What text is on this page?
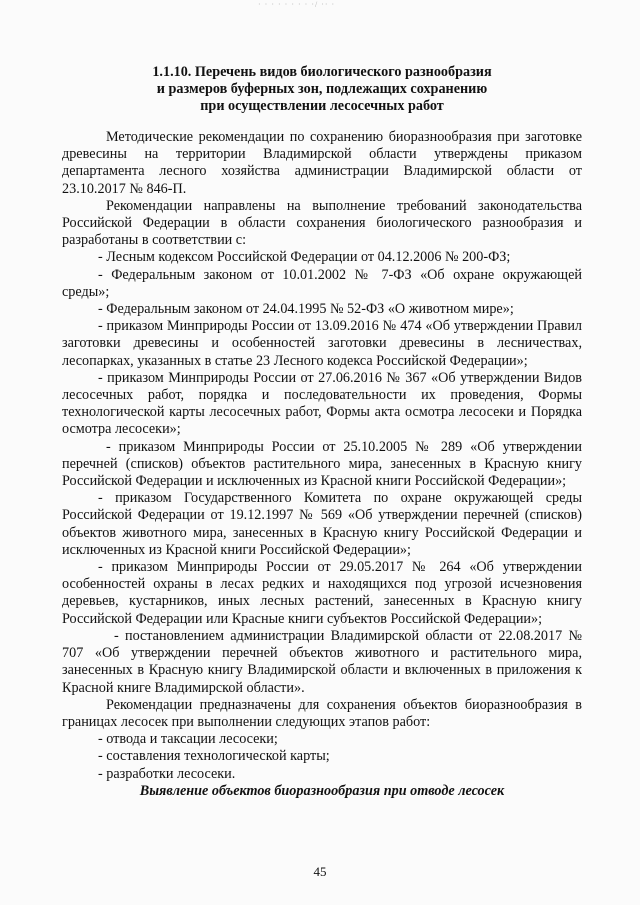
· · · · · · · · ·/ ·· ·
1.1.10. Перечень видов биологического разнообразия
и размеров буферных зон, подлежащих сохранению
при осуществлении лесосечных работ

Методические рекомендации по сохранению биоразнообразия при заготовке древесины на территории Владимирской области утверждены приказом департамента лесного хозяйства администрации Владимирской области от 23.10.2017 № 846-П.

Рекомендации направлены на выполнение требований законодательства Российской Федерации в области сохранения биологического разнообразия и разработаны в соответствии с:

- Лесным кодексом Российской Федерации от 04.12.2006 № 200-ФЗ;

- Федеральным законом от 10.01.2002 № 7-ФЗ «Об охране окружающей среды»;

- Федеральным законом от 24.04.1995 № 52-ФЗ «О животном мире»;

- приказом Минприроды России от 13.09.2016 № 474 «Об утверждении Правил заготовки древесины и особенностей заготовки древесины в лесничествах, лесопарках, указанных в статье 23 Лесного кодекса Российской Федерации»;

- приказом Минприроды России от 27.06.2016 № 367 «Об утверждении Видов лесосечных работ, порядка и последовательности их проведения, Формы технологической карты лесосечных работ, Формы акта осмотра лесосеки и Порядка осмотра лесосеки»;

- приказом Минприроды России от 25.10.2005 № 289 «Об утверждении перечней (списков) объектов растительного мира, занесенных в Красную книгу Российской Федерации и исключенных из Красной книги Российской Федерации»;

- приказом Государственного Комитета по охране окружающей среды Российской Федерации от 19.12.1997 № 569 «Об утверждении перечней (списков) объектов животного мира, занесенных в Красную книгу Российской Федерации и исключенных из Красной книги Российской Федерации»;

- приказом Минприроды России от 29.05.2017 № 264 «Об утверждении особенностей охраны в лесах редких и находящихся под угрозой исчезновения деревьев, кустарников, иных лесных растений, занесенных в Красную книгу Российской Федерации или Красные книги субъектов Российской Федерации»;

- постановлением администрации Владимирской области от 22.08.2017 № 707 «Об утверждении перечней объектов животного и растительного мира, занесенных в Красную книгу Владимирской области и включенных в приложения к Красной книге Владимирской области».

Рекомендации предназначены для сохранения объектов биоразнообразия в границах лесосек при выполнении следующих этапов работ:

- отвода и таксации лесосеки;

- составления технологической карты;

- разработки лесосеки.

Выявление объектов биоразнообразия при отводе лесосек
45
